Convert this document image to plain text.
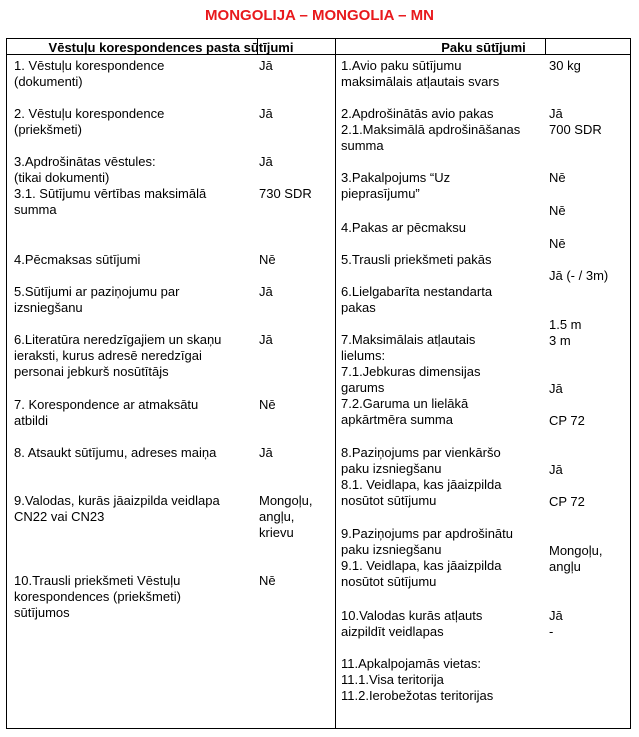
MONGOLIJA – MONGOLIA – MN
Vēstuļu korespondences pasta sūtījumi	Paku sūtījumi
1. Vēstuļu korespondence
(dokumenti)
2. Vēstuļu korespondence
(priekšmeti)
3.Apdrošinātas vēstules:
(tikai dokumenti)
3.1. Sūtījumu vērtības maksimālā
summa
4.Pēcmaksas sūtījumi
5.Sūtījumi ar paziņojumu par
izsniegšanu
6.Literatūra neredzīgajiem un skaņu
ieraksti, kurus adresē neredzīgai
personai jebkurš nosūtītājs
7. Korespondence ar atmaksātu
atbildi
8. Atsaukt sūtījumu, adreses maiņa
9.Valodas, kurās jāaizpilda veidlapa
CN22 vai CN23
10.Trausli priekšmeti Vēstuļu
korespondences (priekšmeti)
sūtījumos
Jā
Jā
Jā
730 SDR
Nē
Jā
Jā
Nē
Jā
Mongoļu,
angļu,
krievu
Nē
1.Avio paku sūtījumu
maksimālais atļautais svars
2.Apdrošinātās avio pakas
2.1.Maksimālā apdrošināšanas
summa
3.Pakalpojums “Uz
pieprasījumu”
4.Pakas ar pēcmaksu
5.Trausli priekšmeti pakās
6.Lielgabarīta nestandarta
pakas
7.Maksimālais atļautais
lielums:
7.1.Jebkuras dimensijas
garums
7.2.Garuma un lielākā
apkārtmēra summa
8.Paziņojums par vienkāršo
paku izsniegšanu
8.1. Veidlapa, kas jāaizpilda
nosūtot sūtījumu
9.Paziņojums par apdrošinātu
paku izsniegšanu
9.1. Veidlapa, kas jāaizpilda
nosūtot sūtījumu
10.Valodas kurās atļauts
aizpildīt veidlapas
11.Apkalpojamās vietas:
11.1.Visa teritorija
11.2.Ierobežotas teritorijas
30 kg
Jā
700 SDR
Nē
Nē
Nē
Jā (- / 3m)
1.5 m
3 m
Jā
CP 72
Jā
CP 72
Mongoļu,
angļu
Jā
-
